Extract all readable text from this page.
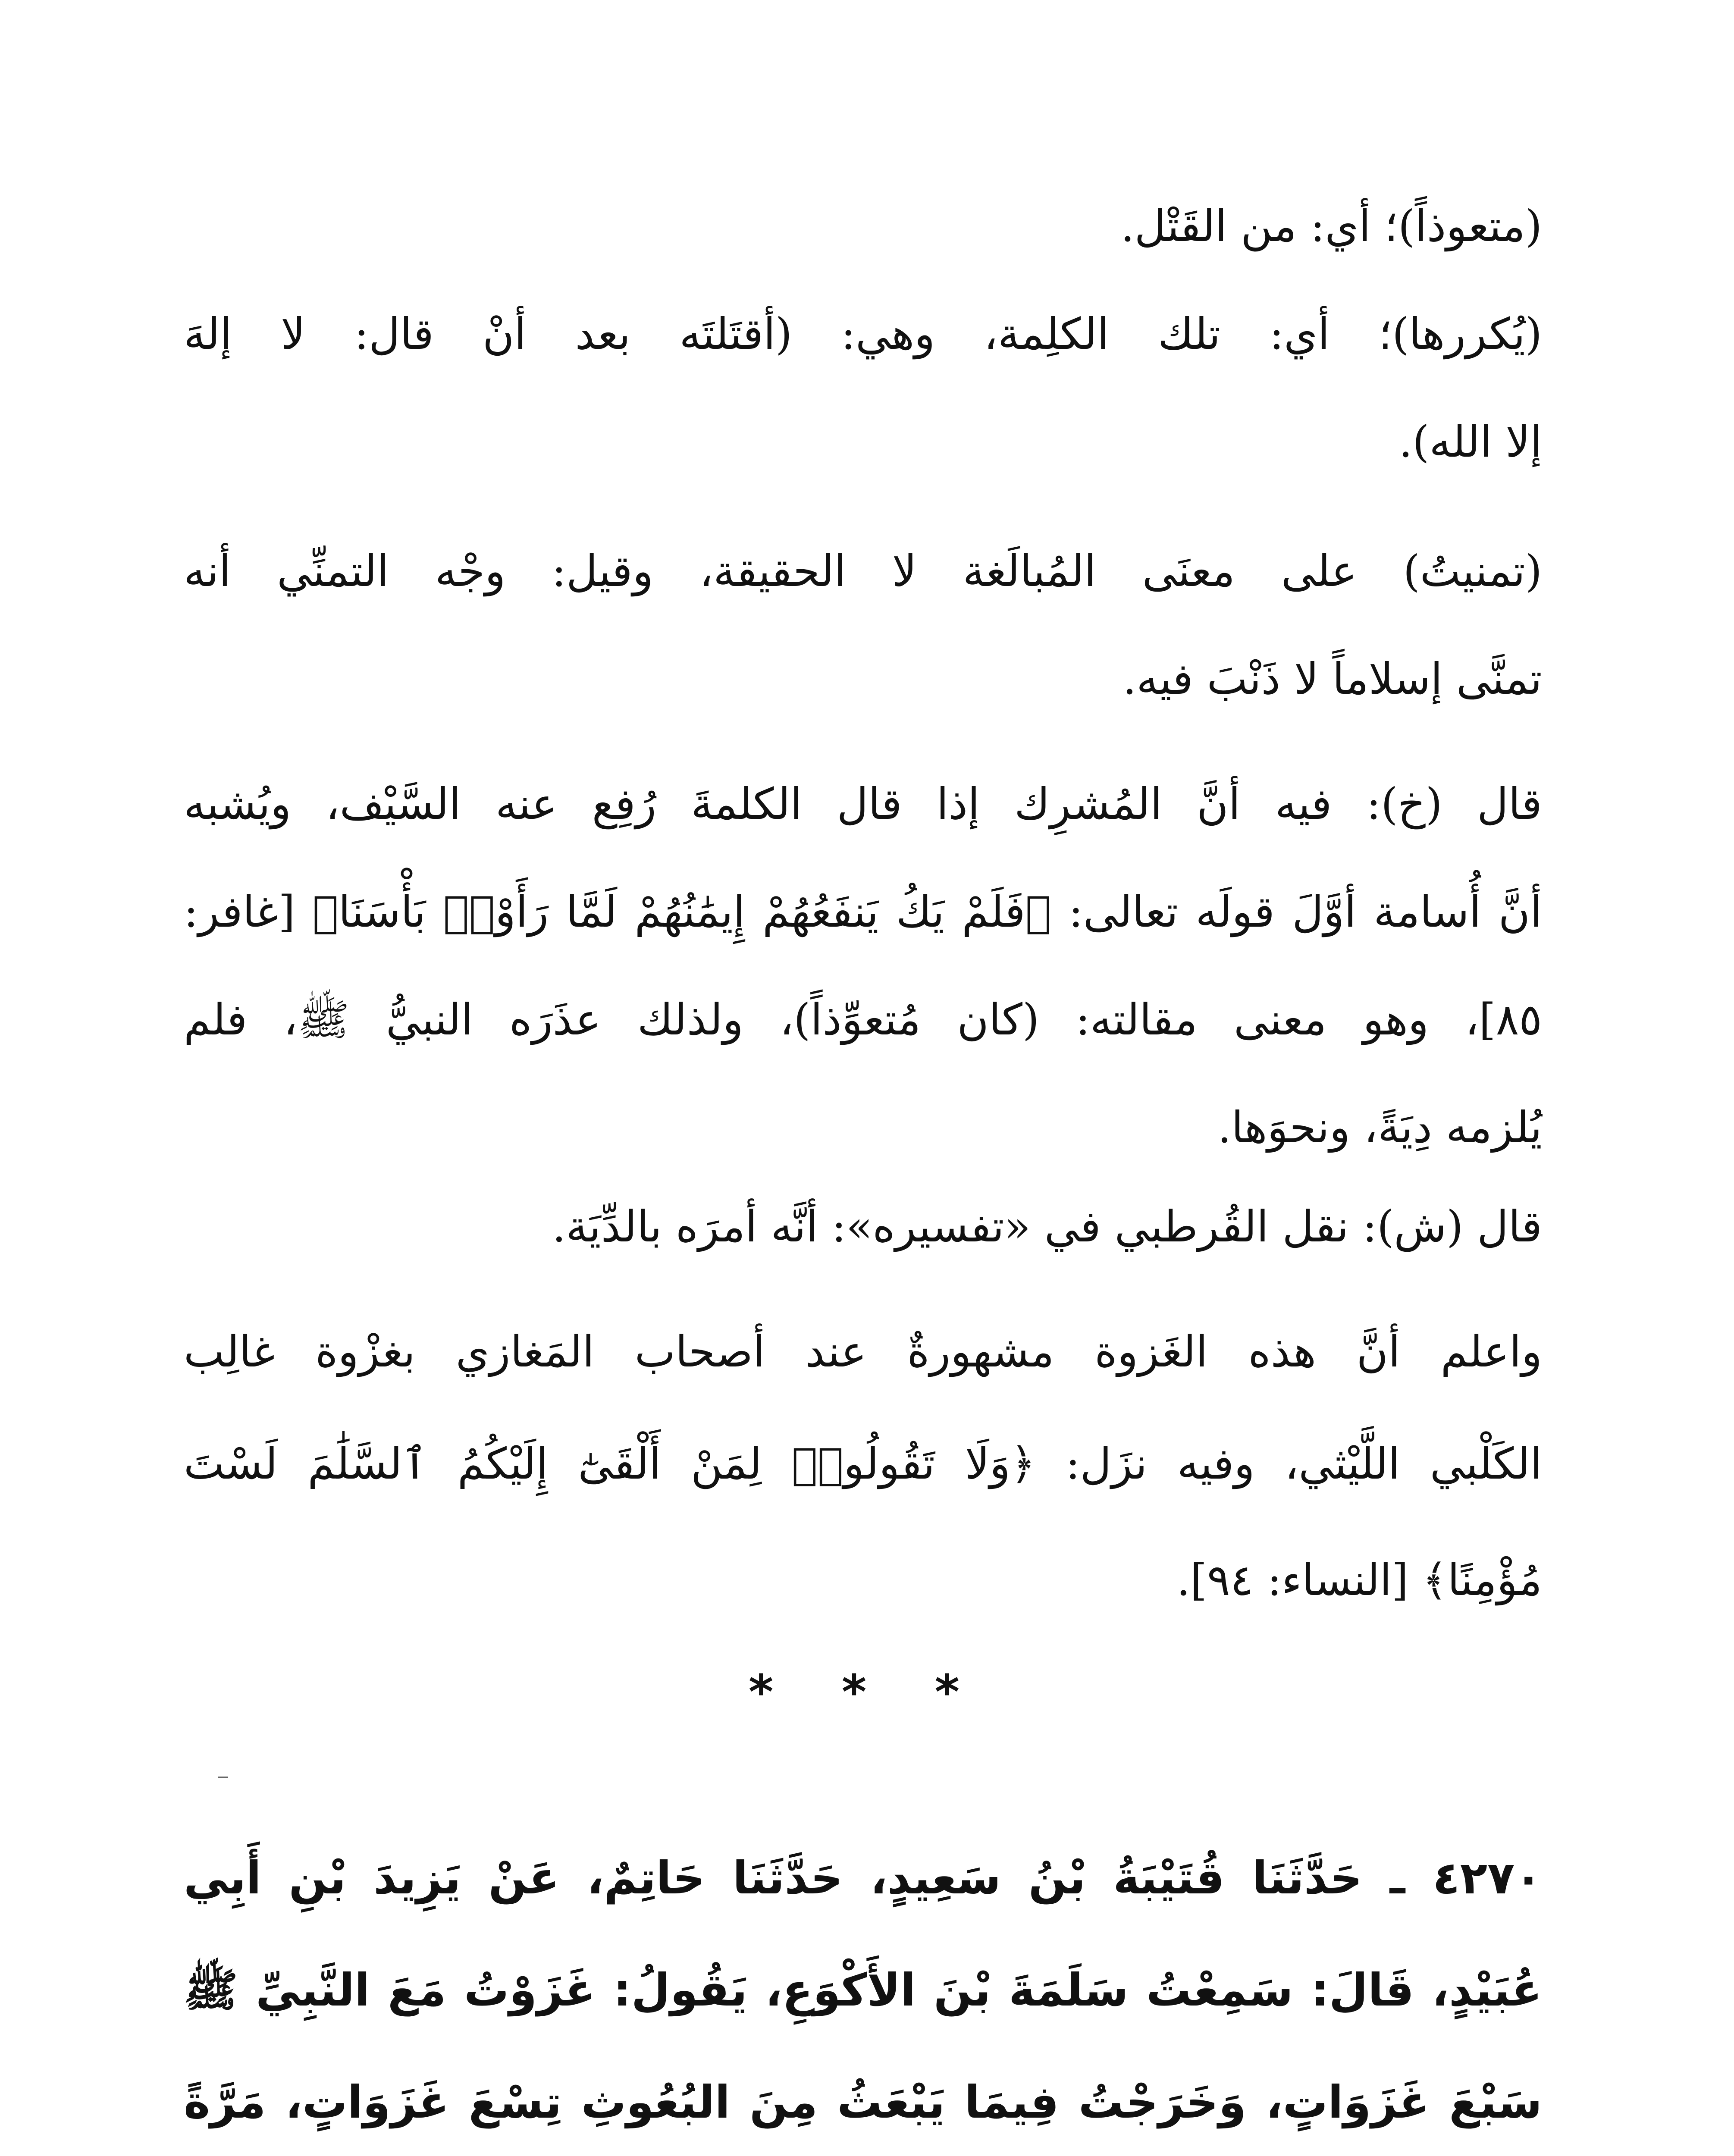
(متعوذاً)؛ أي: من القَتْل.
(يُكررها)؛ أي: تلك الكلِمة، وهي: (أقتَلتَه بعد أنْ قال: لا إلهَ
إلا الله).
(تمنيتُ) على معنَى المُبالَغة لا الحقيقة، وقيل: وجْه التمنِّي أنه
تمنَّى إسلاماً لا ذَنْبَ فيه.
قال (خ): فيه أنَّ المُشرِك إذا قال الكلمةَ رُفِع عنه السَّيْف، ويُشبه
أنَّ أُسامة أوَّلَ قولَه تعالى: ﴿فَلَمْ يَكُ يَنفَعُهُمْ إِيمَٰنُهُمْ لَمَّا رَأَوْا۟ بَأْسَنَا﴾ [غافر:
٨٥]، وهو معنى مقالته: (كان مُتعوِّذاً)، ولذلك عذَرَه النبيُّ ﷺ، فلم
يُلزمه دِيَةً، ونحوَها.
قال (ش): نقل القُرطبي في «تفسيره»: أنَّه أمرَه بالدِّيَة.
واعلم أنَّ هذه الغَزوة مشهورةٌ عند أصحاب المَغازي بغزْوة غالِب
الكَلْبي اللَّيْثي، وفيه نزَل: ﴿وَلَا تَقُولُوا۟ لِمَنْ أَلْقَىٰٓ إِلَيْكُمُ ٱلسَّلَٰمَ لَسْتَ
مُؤْمِنًا﴾ [النساء: ٩٤].
* * *
٤٢٧٠ ـ حَدَّثَنَا قُتَيْبَةُ بْنُ سَعِيدٍ، حَدَّثَنَا حَاتِمٌ، عَنْ يَزِيدَ بْنِ أَبِي
عُبَيْدٍ، قَالَ: سَمِعْتُ سَلَمَةَ بْنَ الأَكْوَعِ، يَقُولُ: غَزَوْتُ مَعَ النَّبِيِّ ﷺ
سَبْعَ غَزَوَاتٍ، وَخَرَجْتُ فِيمَا يَبْعَثُ مِنَ البُعُوثِ تِسْعَ غَزَوَاتٍ، مَرَّةً
